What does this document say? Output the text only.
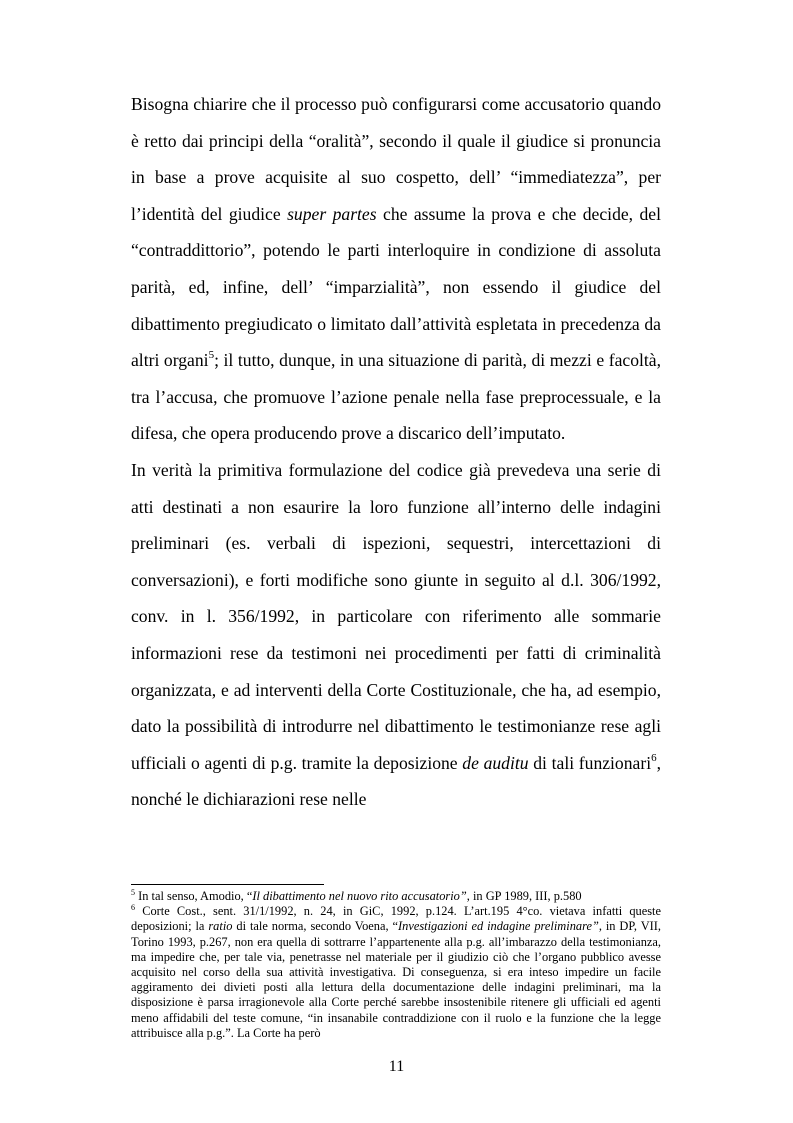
Bisogna chiarire che il processo può configurarsi come accusatorio quando è retto dai principi della “oralità”, secondo il quale il giudice si pronuncia in base a prove acquisite al suo cospetto, dell’ “immediatezza”, per l’identità del giudice super partes che assume la prova e che decide, del “contraddittorio”, potendo le parti interloquire in condizione di assoluta parità, ed, infine, dell’ “imparzialità”, non essendo il giudice del dibattimento pregiudicato o limitato dall’attività espletata in precedenza da altri organi$^5$; il tutto, dunque, in una situazione di parità, di mezzi e facoltà, tra l’accusa, che promuove l’azione penale nella fase preprocessuale, e la difesa, che opera producendo prove a discarico dell’imputato.

In verità la primitiva formulazione del codice già prevedeva una serie di atti destinati a non esaurire la loro funzione all’interno delle indagini preliminari (es. verbali di ispezioni, sequestri, intercettazioni di conversazioni), e forti modifiche sono giunte in seguito al d.l. 306/1992, conv. in l. 356/1992, in particolare con riferimento alle sommarie informazioni rese da testimoni nei procedimenti per fatti di criminalità organizzata, e ad interventi della Corte Costituzionale, che ha, ad esempio, dato la possibilità di introdurre nel dibattimento le testimonianze rese agli ufficiali o agenti di p.g. tramite la deposizione de auditu di tali funzionari$^6$, nonché le dichiarazioni rese nelle

$^5$ In tal senso, Amodio, “Il dibattimento nel nuovo rito accusatorio”, in GP 1989, III, p.580

$^6$ Corte Cost., sent. 31/1/1992, n. 24, in GiC, 1992, p.124. L’art.195 4°co. vietava infatti queste deposizioni; la ratio di tale norma, secondo Voena, “Investigazioni ed indagine preliminare”, in DP, VII, Torino 1993, p.267, non era quella di sottrarre l’appartenente alla p.g. all’imbarazzo della testimonianza, ma impedire che, per tale via, penetrasse nel materiale per il giudizio ciò che l’organo pubblico avesse acquisito nel corso della sua attività investigativa. Di conseguenza, si era inteso impedire un facile aggiramento dei divieti posti alla lettura della documentazione delle indagini preliminari, ma la disposizione è parsa irragionevole alla Corte perché sarebbe insostenibile ritenere gli ufficiali ed agenti meno affidabili del teste comune, “in insanabile contraddizione con il ruolo e la funzione che la legge attribuisce alla p.g.”. La Corte ha però

11
